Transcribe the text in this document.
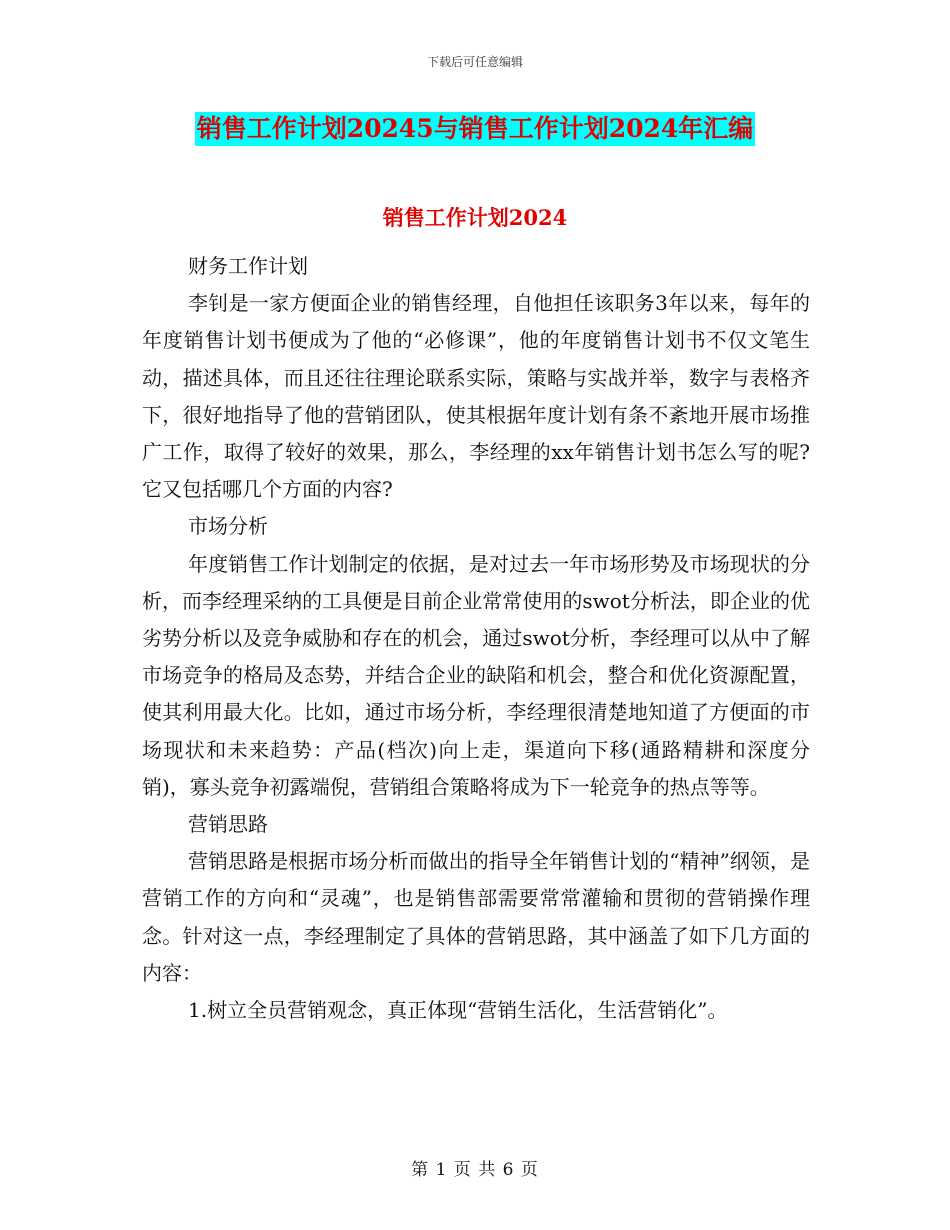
下载后可任意编辑
销售工作计划20245与销售工作计划2024年汇编
销售工作计划2024

财务工作计划

李钊是一家方便面企业的销售经理，自他担任该职务3年以来，每年的年度销售计划书便成为了他的“必修课”，他的年度销售计划书不仅文笔生动，描述具体，而且还往往理论联系实际，策略与实战并举，数字与表格齐下，很好地指导了他的营销团队，使其根据年度计划有条不紊地开展市场推广工作，取得了较好的效果，那么，李经理的xx年销售计划书怎么写的呢?它又包括哪几个方面的内容?

市场分析

年度销售工作计划制定的依据，是对过去一年市场形势及市场现状的分析，而李经理采纳的工具便是目前企业常常使用的swot分析法，即企业的优劣势分析以及竞争威胁和存在的机会，通过swot分析，李经理可以从中了解市场竞争的格局及态势，并结合企业的缺陷和机会，整合和优化资源配置，使其利用最大化。比如，通过市场分析，李经理很清楚地知道了方便面的市场现状和未来趋势：产品(档次)向上走，渠道向下移(通路精耕和深度分销)，寡头竞争初露端倪，营销组合策略将成为下一轮竞争的热点等等。

营销思路

营销思路是根据市场分析而做出的指导全年销售计划的“精神”纲领，是营销工作的方向和“灵魂”，也是销售部需要常常灌输和贯彻的营销操作理念。针对这一点，李经理制定了具体的营销思路，其中涵盖了如下几方面的内容：

1.树立全员营销观念，真正体现“营销生活化，生活营销化”。

第 1 页 共 6 页
